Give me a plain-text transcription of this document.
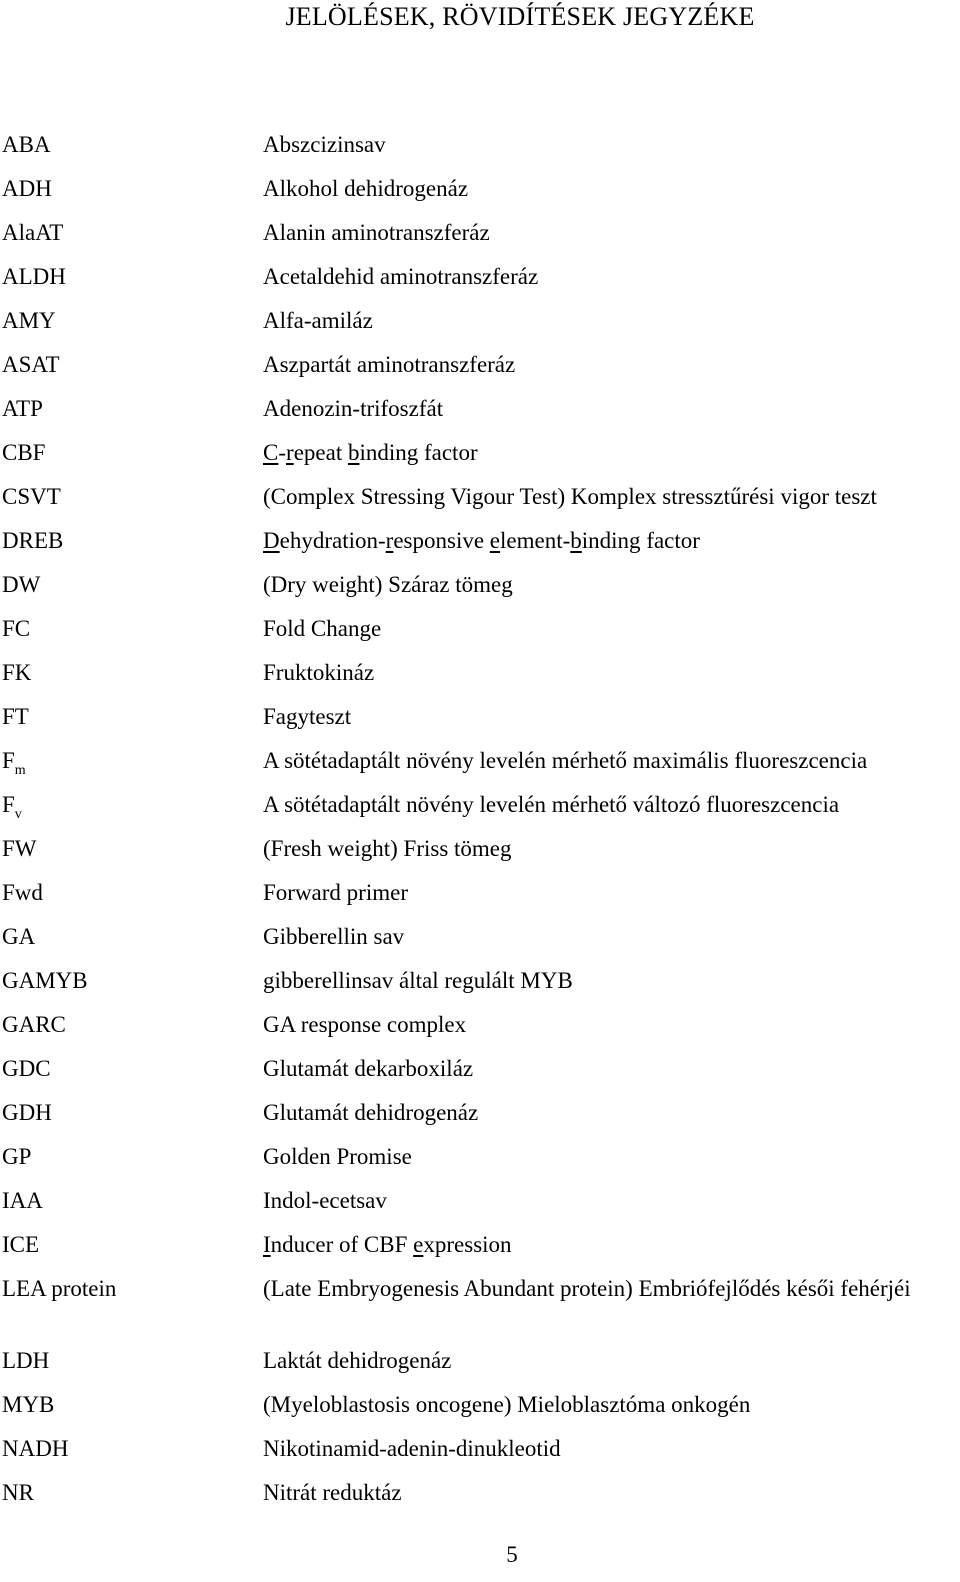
JELÖLÉSEK, RÖVIDÍTÉSEK JEGYZÉKE
ABA	Abszcizinsav
ADH	Alkohol dehidrogenáz
AlaAT	Alanin aminotranszferáz
ALDH	Acetaldehid aminotranszferáz
AMY	Alfa-amiláz
ASAT	Aszpartát aminotranszferáz
ATP	Adenozin-trifoszfát
CBF	C-repeat binding factor
CSVT	(Complex Stressing Vigour Test) Komplex stressztűrési vigor teszt
DREB	Dehydration-responsive element-binding factor
DW	(Dry weight) Száraz tömeg
FC	Fold Change
FK	Fruktokináz
FT	Fagyteszt
$F_m$	A sötétadaptált növény levelén mérhető maximális fluoreszcencia
$F_v$	A sötétadaptált növény levelén mérhető változó fluoreszcencia
FW	(Fresh weight) Friss tömeg
Fwd	Forward primer
GA	Gibberellin sav
GAMYB	gibberellinsav által regulált MYB
GARC	GA response complex
GDC	Glutamát dekarboxiláz
GDH	Glutamát dehidrogenáz
GP	Golden Promise
IAA	Indol-ecetsav
ICE	Inducer of CBF expression
LEA protein	(Late Embryogenesis Abundant protein) Embriófejlődés késői fehérjéi
LDH	Laktát dehidrogenáz
MYB	(Myeloblastosis oncogene) Mieloblasztóma onkogén
NADH	Nikotinamid-adenin-dinukleotid
NR	Nitrát reduktáz
5
